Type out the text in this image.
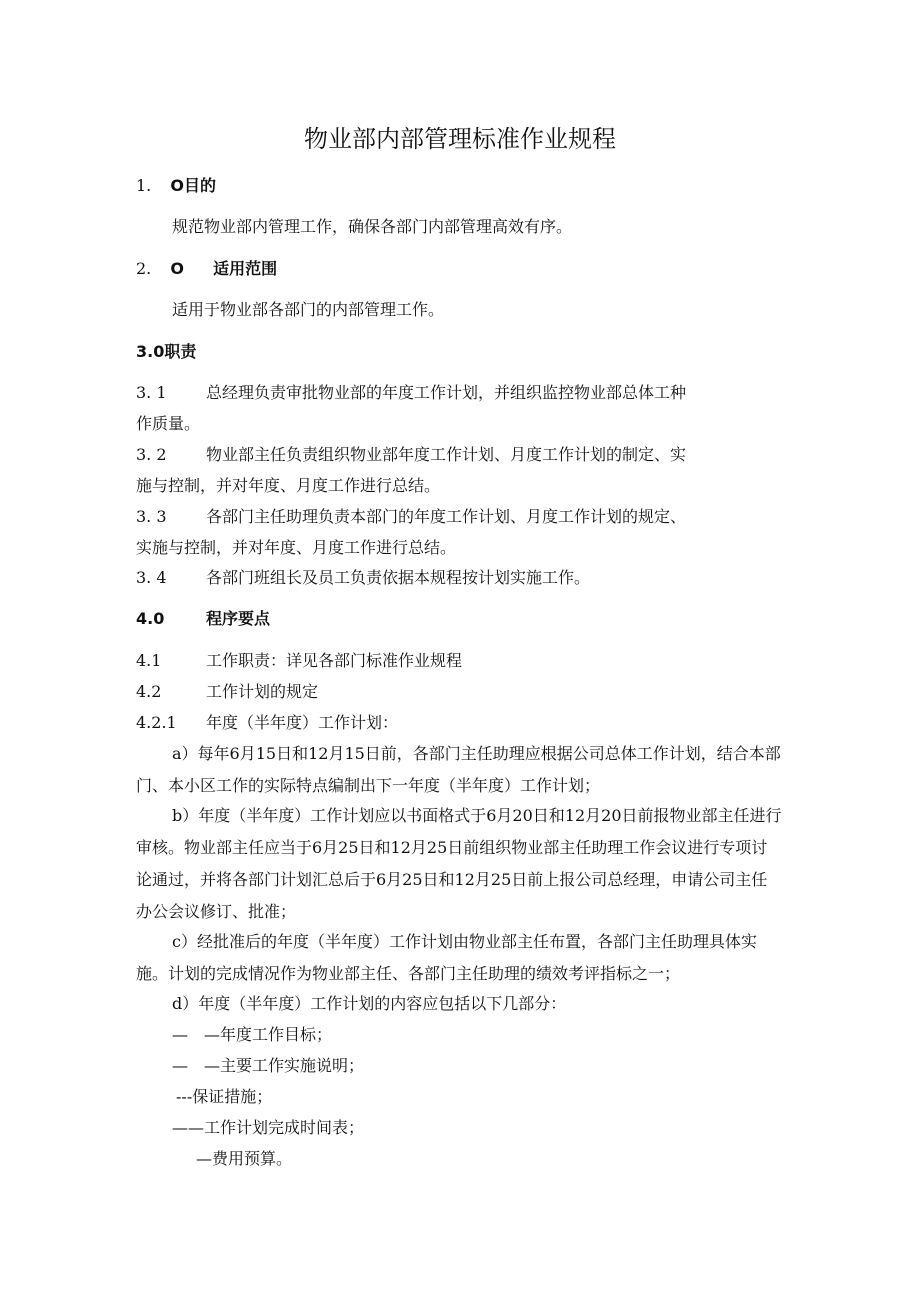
物业部内部管理标准作业规程
1. O目的
规范物业部内管理工作，确保各部门内部管理高效有序。
2. O 适用范围
适用于物业部各部门的内部管理工作。
3.0职责
3. 1 总经理负责审批物业部的年度工作计划，并组织监控物业部总体工种
作质量。
3. 2 物业部主任负责组织物业部年度工作计划、月度工作计划的制定、实
施与控制，并对年度、月度工作进行总结。
3. 3 各部门主任助理负责本部门的年度工作计划、月度工作计划的规定、
实施与控制，并对年度、月度工作进行总结。
3. 4 各部门班组长及员工负责依据本规程按计划实施工作。
4.0	程序要点
4.1	工作职责：详见各部门标准作业规程
4.2	工作计划的规定
4.2.1 年度（半年度）工作计划：
a）每年6月15日和12月15日前，各部门主任助理应根据公司总体工作计划，结合本部门、本小区工作的实际特点编制出下一年度（半年度）工作计划；
b）年度（半年度）工作计划应以书面格式于6月20日和12月20日前报物业部主任进行审核。物业部主任应当于6月25日和12月25日前组织物业部主任助理工作会议进行专项讨论通过，并将各部门计划汇总后于6月25日和12月25日前上报公司总经理，申请公司主任办公会议修订、批准；
c）经批准后的年度（半年度）工作计划由物业部主任布置，各部门主任助理具体实施。计划的完成情况作为物业部主任、各部门主任助理的绩效考评指标之一；
d）年度（半年度）工作计划的内容应包括以下几部分：
—　—年度工作目标；
—　—主要工作实施说明；
---保证措施；
——工作计划完成时间表；
—费用预算。
